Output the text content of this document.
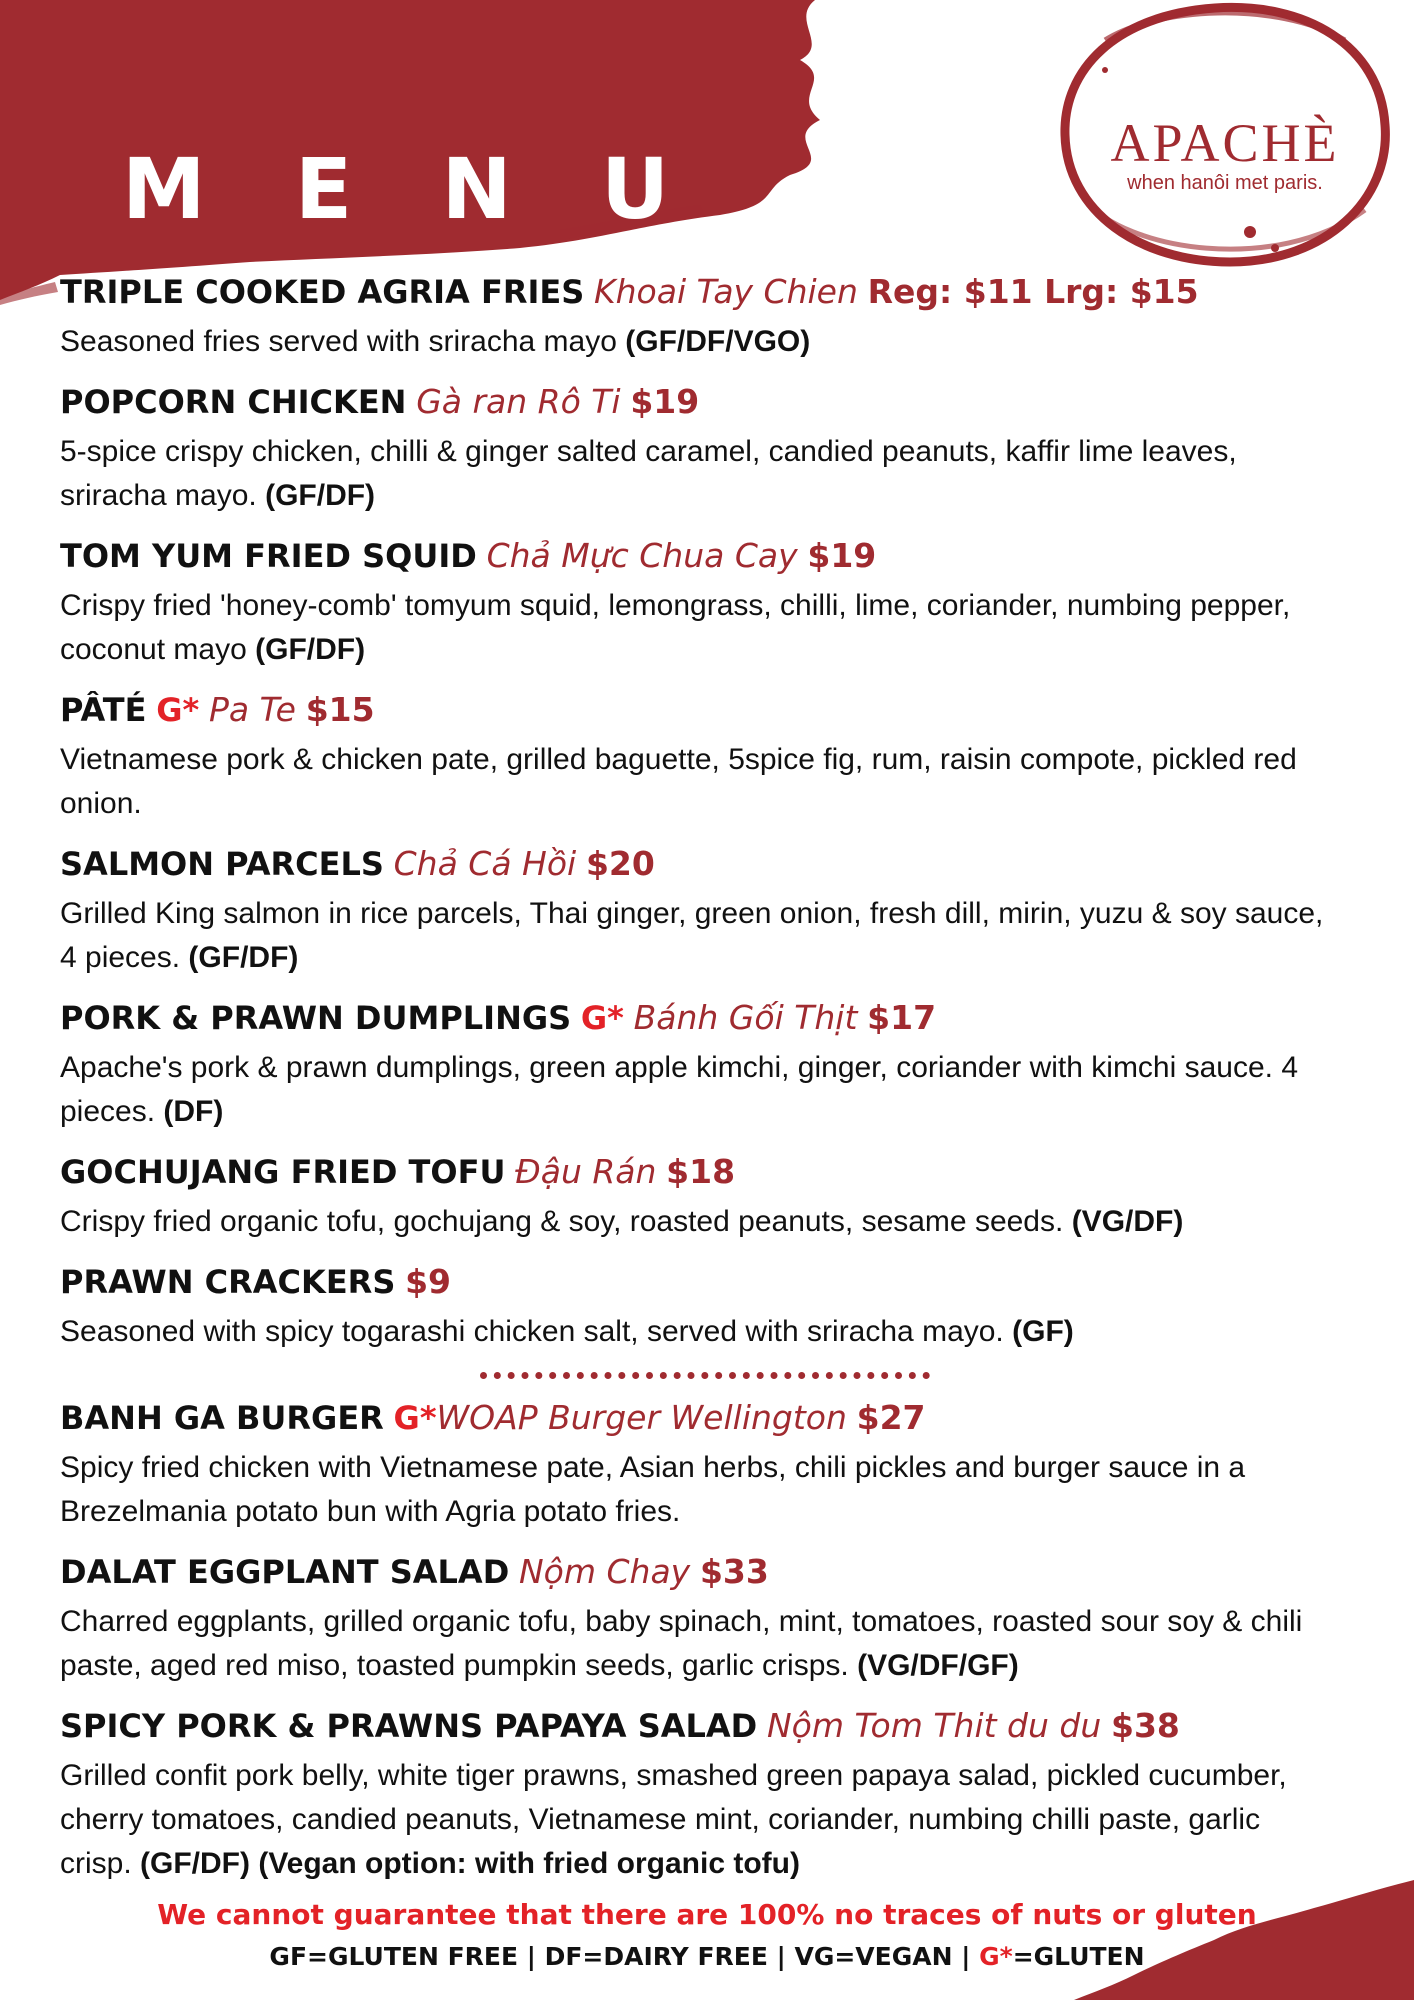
M E N U	APACHÈ
when hanôi met paris.
TRIPLE COOKED AGRIA FRIES Khoai Tay Chien Reg: $11 Lrg: $15
Seasoned fries served with sriracha mayo (GF/DF/VGO)
POPCORN CHICKEN Gà ran Rô Ti $19
5-spice crispy chicken, chilli & ginger salted caramel, candied peanuts, kaffir lime leaves, sriracha mayo. (GF/DF)
TOM YUM FRIED SQUID Chả Mực Chua Cay $19
Crispy fried 'honey-comb' tomyum squid, lemongrass, chilli, lime, coriander, numbing pepper, coconut mayo (GF/DF)
PÂTÉ G* Pa Te $15
Vietnamese pork & chicken pate, grilled baguette, 5spice fig, rum, raisin compote, pickled red onion.
SALMON PARCELS Chả Cá Hồi $20
Grilled King salmon in rice parcels, Thai ginger, green onion, fresh dill, mirin, yuzu & soy sauce, 4 pieces. (GF/DF)
PORK & PRAWN DUMPLINGS G* Bánh Gối Thịt $17
Apache's pork & prawn dumplings, green apple kimchi, ginger, coriander with kimchi sauce. 4 pieces. (DF)
GOCHUJANG FRIED TOFU Đậu Rán $18
Crispy fried organic tofu, gochujang & soy, roasted peanuts, sesame seeds. (VG/DF)
PRAWN CRACKERS $9
Seasoned with spicy togarashi chicken salt, served with sriracha mayo. (GF)
BANH GA BURGER G*WOAP Burger Wellington $27
Spicy fried chicken with Vietnamese pate, Asian herbs, chili pickles and burger sauce in a Brezelmania potato bun with Agria potato fries.
DALAT EGGPLANT SALAD Nộm Chay $33
Charred eggplants, grilled organic tofu, baby spinach, mint, tomatoes, roasted sour soy & chili paste, aged red miso, toasted pumpkin seeds, garlic crisps. (VG/DF/GF)
SPICY PORK & PRAWNS PAPAYA SALAD Nộm Tom Thit du du $38
Grilled confit pork belly, white tiger prawns, smashed green papaya salad, pickled cucumber, cherry tomatoes, candied peanuts, Vietnamese mint, coriander, numbing chilli paste, garlic crisp. (GF/DF) (Vegan option: with fried organic tofu)
We cannot guarantee that there are 100% no traces of nuts or gluten
GF=GLUTEN FREE | DF=DAIRY FREE | VG=VEGAN | G*=GLUTEN
